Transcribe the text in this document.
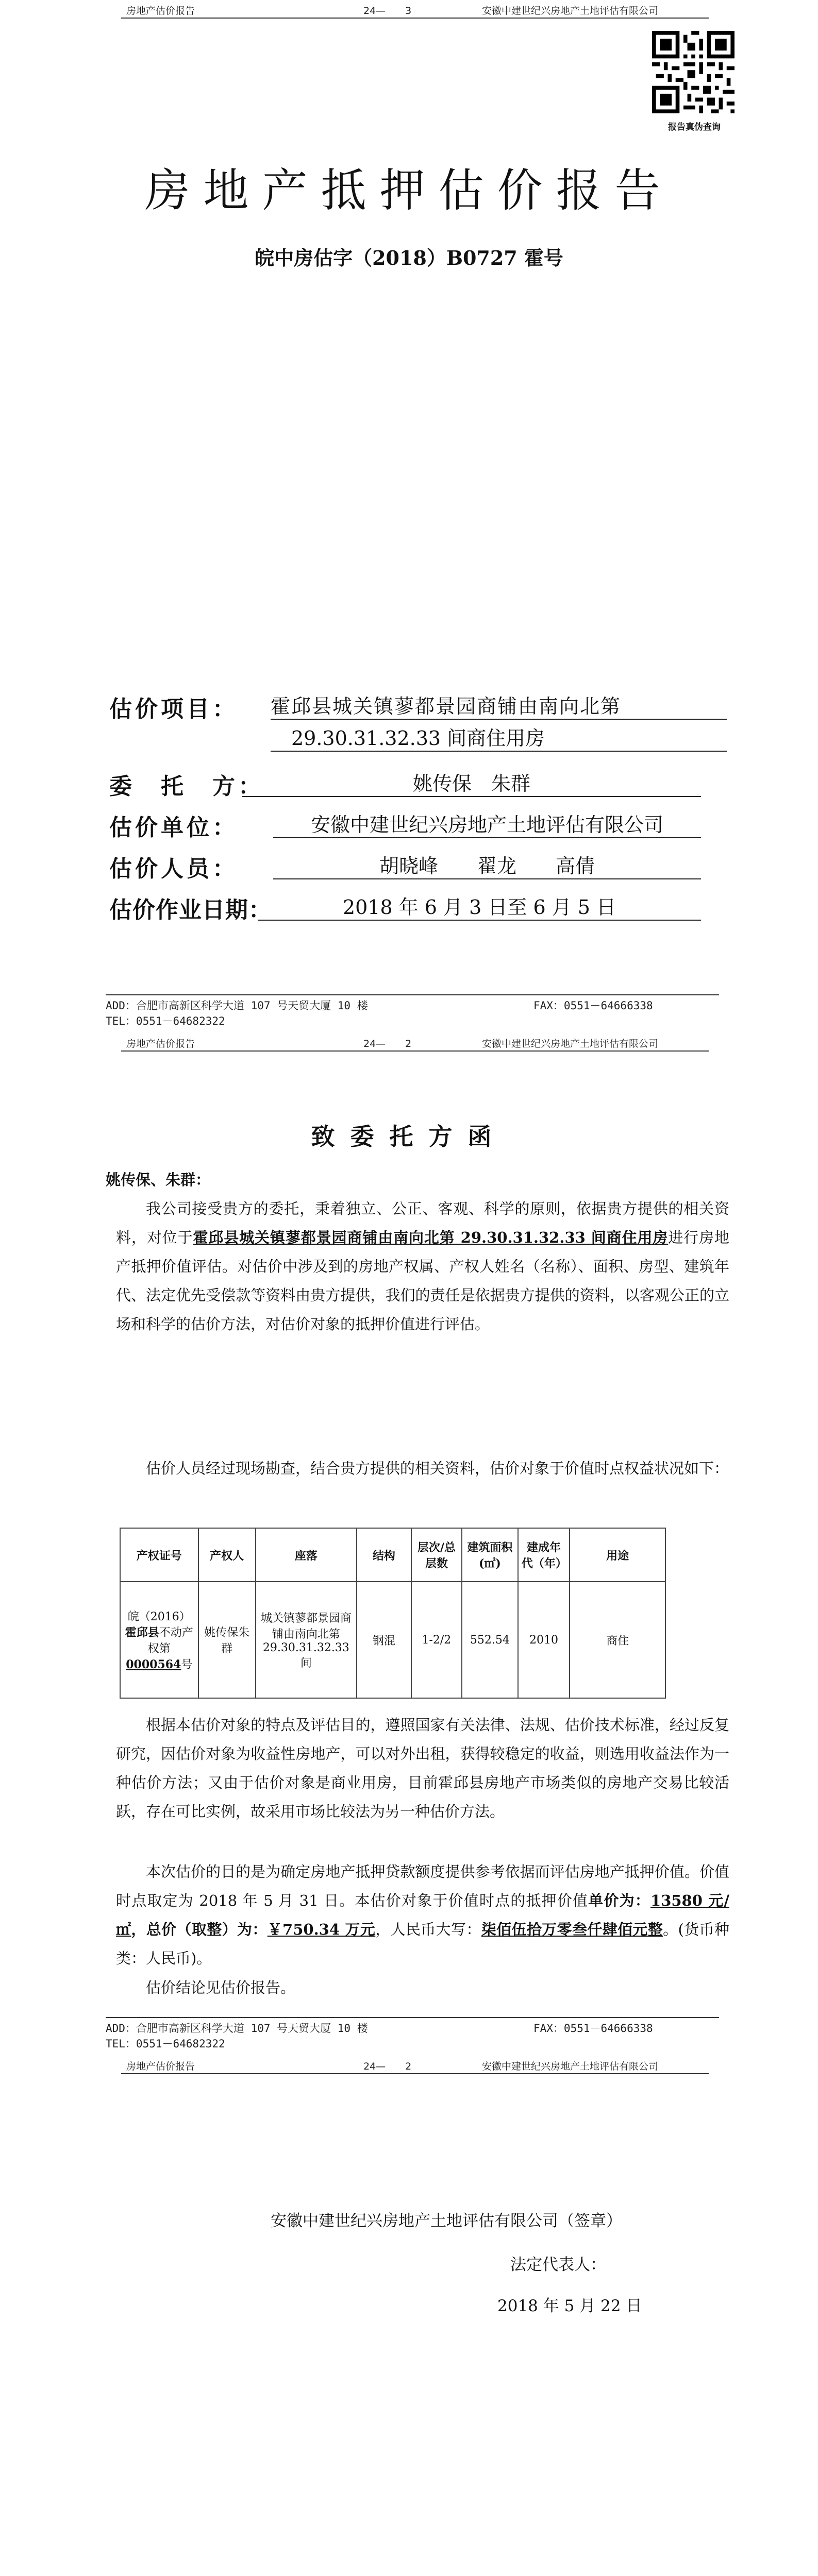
房地产估价报告	24—　　3	安徽中建世纪兴房地产土地评估有限公司
报告真伪查询
房地产抵押估价报告
皖中房估字（2018）B0727 霍号
估价项目： 霍邱县城关镇蓼都景园商铺由南向北第
29.30.31.32.33 间商住用房
委　托　方：	姚传保　朱群
估价单位：	安徽中建世纪兴房地产土地评估有限公司
估价人员：	胡晓峰　　翟龙　　高倩
估价作业日期：	2018 年 6 月 3 日至 6 月 5 日
ADD：合肥市高新区科学大道 107 号天贸大厦 10 楼	FAX：0551－64666338
TEL：0551－64682322
房地产估价报告	24—　　2	安徽中建世纪兴房地产土地评估有限公司
致委托方函
姚传保、朱群：

我公司接受贵方的委托，秉着独立、公正、客观、科学的原则，依据贵方提供的相关资料，对位于霍邱县城关镇蓼都景园商铺由南向北第 29.30.31.32.33 间商住用房进行房地产抵押价值评估。对估价中涉及到的房地产权属、产权人姓名（名称）、面积、房型、建筑年代、法定优先受偿款等资料由贵方提供，我们的责任是依据贵方提供的资料，以客观公正的立场和科学的估价方法，对估价对象的抵押价值进行评估。

估价人员经过现场勘查，结合贵方提供的相关资料，估价对象于价值时点权益状况如下：

产权证号	产权人	座落	结构	层次/总层数	建筑面积(㎡)	建成年代（年）	用途
皖（2016）霍邱县不动产权第0000564号	姚传保朱群	城关镇蓼都景园商铺由南向北第29.30.31.32.33间	钢混	1-2/2	552.54	2010	商住

根据本估价对象的特点及评估目的，遵照国家有关法律、法规、估价技术标准，经过反复研究，因估价对象为收益性房地产，可以对外出租，获得较稳定的收益，则选用收益法作为一种估价方法；又由于估价对象是商业用房，目前霍邱县房地产市场类似的房地产交易比较活跃，存在可比实例，故采用市场比较法为另一种估价方法。

本次估价的目的是为确定房地产抵押贷款额度提供参考依据而评估房地产抵押价值。价值时点取定为 2018 年 5 月 31 日。本估价对象于价值时点的抵押价值单价为：13580 元/㎡，总价（取整）为：￥750.34 万元，人民币大写：柒佰伍拾万零叁仟肆佰元整。(货币种类：人民币)。

估价结论见估价报告。

ADD：合肥市高新区科学大道 107 号天贸大厦 10 楼	FAX：0551－64666338
TEL：0551－64682322
房地产估价报告	24—　　2	安徽中建世纪兴房地产土地评估有限公司
安徽中建世纪兴房地产土地评估有限公司（签章）
法定代表人：
2018 年 5 月 22 日
